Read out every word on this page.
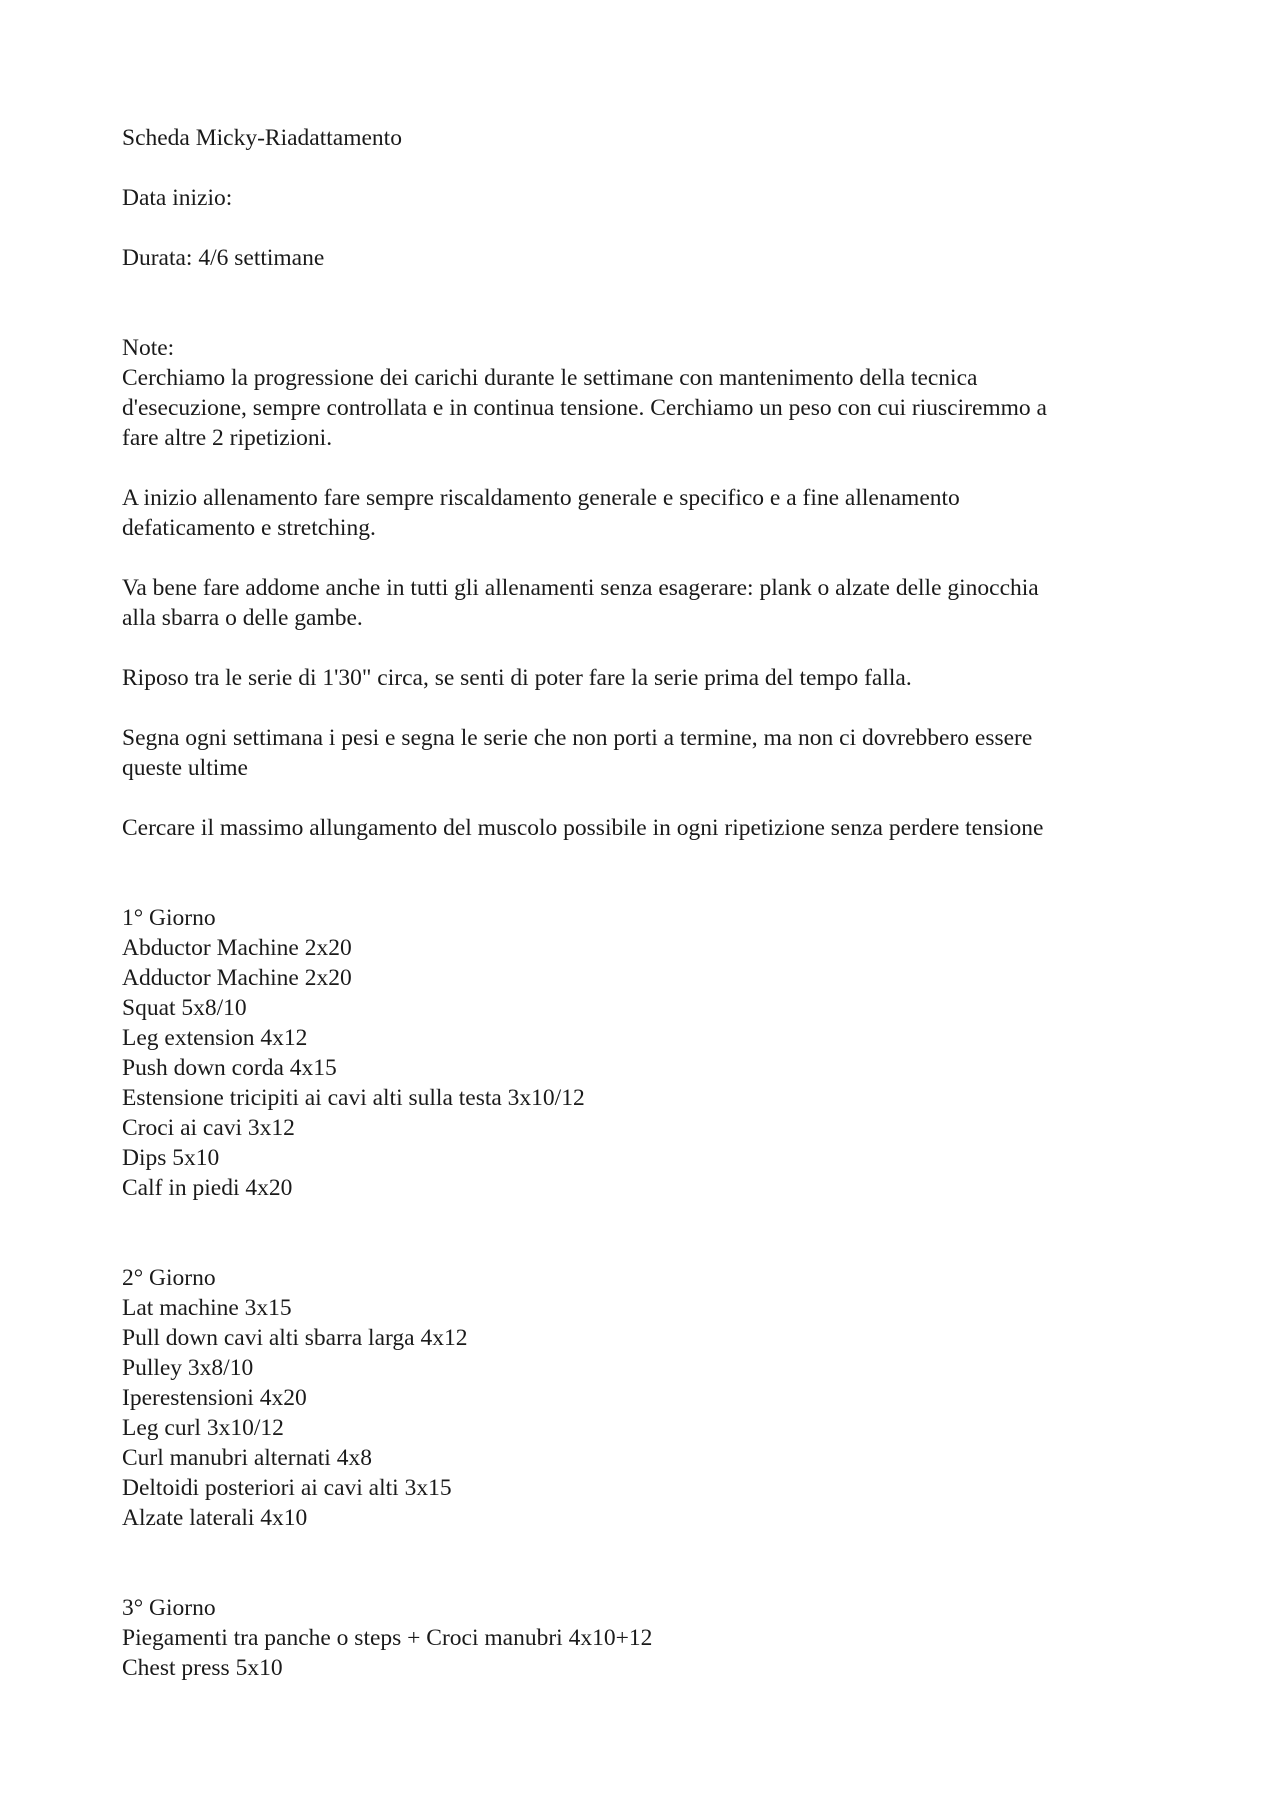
Scheda Micky-Riadattamento
Data inizio:
Durata: 4/6 settimane
Note:
Cerchiamo la progressione dei carichi durante le settimane con mantenimento della tecnica
d'esecuzione, sempre controllata e in continua tensione. Cerchiamo un peso con cui riusciremmo a
fare altre 2 ripetizioni.
A inizio allenamento fare sempre riscaldamento generale e specifico e a fine allenamento
defaticamento e stretching.
Va bene fare addome anche in tutti gli allenamenti senza esagerare: plank o alzate delle ginocchia
alla sbarra o delle gambe.
Riposo tra le serie di 1'30" circa, se senti di poter fare la serie prima del tempo falla.
Segna ogni settimana i pesi e segna le serie che non porti a termine, ma non ci dovrebbero essere
queste ultime
Cercare il massimo allungamento del muscolo possibile in ogni ripetizione senza perdere tensione
1° Giorno
Abductor Machine 2x20
Adductor Machine 2x20
Squat 5x8/10
Leg extension 4x12
Push down corda 4x15
Estensione tricipiti ai cavi alti sulla testa 3x10/12
Croci ai cavi 3x12
Dips 5x10
Calf in piedi 4x20
2° Giorno
Lat machine 3x15
Pull down cavi alti sbarra larga 4x12
Pulley 3x8/10
Iperestensioni 4x20
Leg curl 3x10/12
Curl manubri alternati 4x8
Deltoidi posteriori ai cavi alti 3x15
Alzate laterali 4x10
3° Giorno
Piegamenti tra panche o steps + Croci manubri 4x10+12
Chest press 5x10
